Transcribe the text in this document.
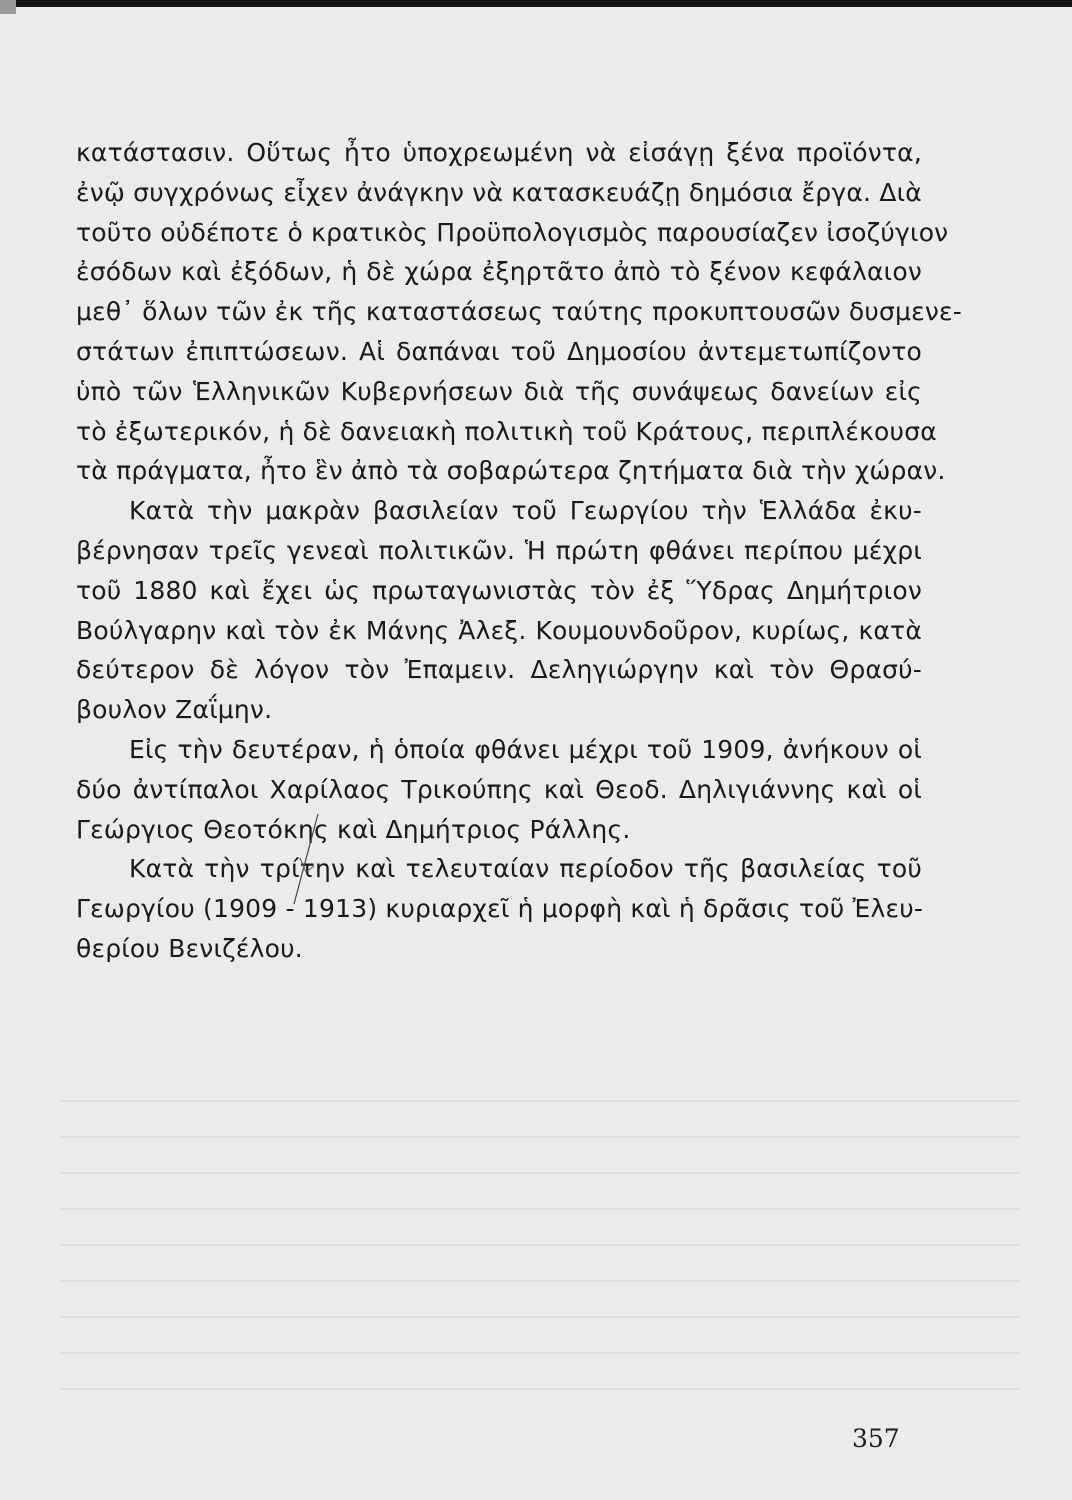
κατάστασιν. Οὕτως ἦτο ὑποχρεωμένη νὰ εἰσάγῃ ξένα προϊόντα,
ἐνῷ συγχρόνως εἶχεν ἀνάγκην νὰ κατασκευάζῃ δημόσια ἔργα. Διὰ
τοῦτο οὐδέποτε ὁ κρατικὸς Προϋπολογισμὸς παρουσίαζεν ἰσοζύγιον
ἐσόδων καὶ ἐξόδων, ἡ δὲ χώρα ἐξηρτᾶτο ἀπὸ τὸ ξένον κεφάλαιον
μεθ᾽ ὅλων τῶν ἐκ τῆς καταστάσεως ταύτης προκυπτουσῶν δυσμενε-
στάτων ἐπιπτώσεων. Αἱ δαπάναι τοῦ Δημοσίου ἀντεμετωπίζοντο
ὑπὸ τῶν Ἑλληνικῶν Κυβερνήσεων διὰ τῆς συνάψεως δανείων εἰς
τὸ ἐξωτερικόν, ἡ δὲ δανειακὴ πολιτικὴ τοῦ Κράτους, περιπλέκουσα
τὰ πράγματα, ἦτο ἓν ἀπὸ τὰ σοβαρώτερα ζητήματα διὰ τὴν χώραν.
Κατὰ τὴν μακρὰν βασιλείαν τοῦ Γεωργίου τὴν Ἑλλάδα ἐκυ-
βέρνησαν τρεῖς γενεαὶ πολιτικῶν. Ἡ πρώτη φθάνει περίπου μέχρι
τοῦ 1880 καὶ ἔχει ὡς πρωταγωνιστὰς τὸν ἐξ Ὕδρας Δημήτριον
Βούλγαρην καὶ τὸν ἐκ Μάνης Ἀλεξ. Κουμουνδοῦρον, κυρίως, κατὰ
δεύτερον δὲ λόγον τὸν Ἐπαμειν. Δεληγιώργην καὶ τὸν Θρασύ-
βουλον Ζαΐμην.
Εἰς τὴν δευτέραν, ἡ ὁποία φθάνει μέχρι τοῦ 1909, ἀνήκουν οἱ
δύο ἀντίπαλοι Χαρίλαος Τρικούπης καὶ Θεοδ. Δηλιγιάννης καὶ οἱ
Γεώργιος Θεοτόκης καὶ Δημήτριος Ράλλης.
Κατὰ τὴν τρίτην καὶ τελευταίαν περίοδον τῆς βασιλείας τοῦ
Γεωργίου (1909 - 1913) κυριαρχεῖ ἡ μορφὴ καὶ ἡ δρᾶσις τοῦ Ἐλευ-
θερίου Βενιζέλου.
357
